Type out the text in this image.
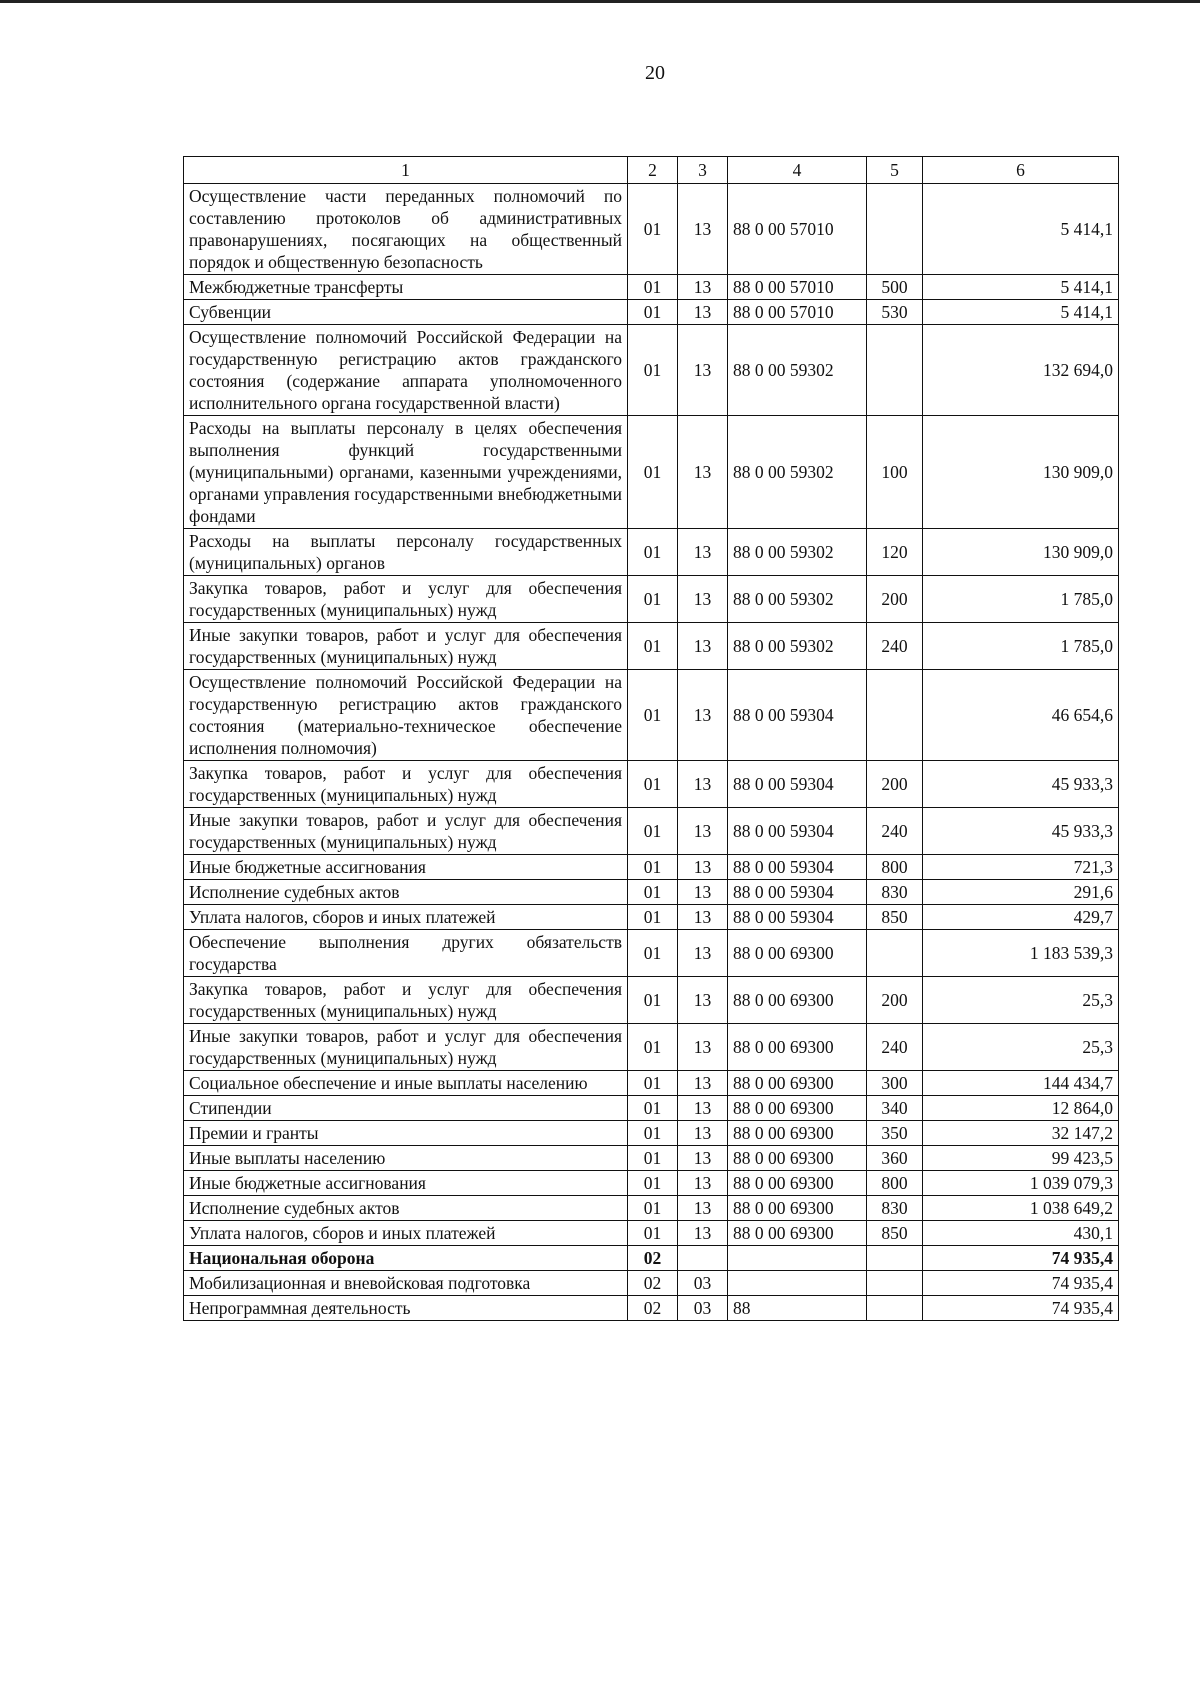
20
1	2	3	4	5	6
Осуществление части переданных полномочий по составлению протоколов об административных правонарушениях, посягающих на общественный порядок и общественную безопасность	01	13	88 0 00 57010		5 414,1
Межбюджетные трансферты	01	13	88 0 00 57010	500	5 414,1
Субвенции	01	13	88 0 00 57010	530	5 414,1
Осуществление полномочий Российской Федерации на государственную регистрацию актов гражданского состояния (содержание аппарата уполномоченного исполнительного органа государственной власти)	01	13	88 0 00 59302		132 694,0
Расходы на выплаты персоналу в целях обеспечения выполнения функций государственными (муниципальными) органами, казенными учреждениями, органами управления государственными внебюджетными фондами	01	13	88 0 00 59302	100	130 909,0
Расходы на выплаты персоналу государственных (муниципальных) органов	01	13	88 0 00 59302	120	130 909,0
Закупка товаров, работ и услуг для обеспечения государственных (муниципальных) нужд	01	13	88 0 00 59302	200	1 785,0
Иные закупки товаров, работ и услуг для обеспечения государственных (муниципальных) нужд	01	13	88 0 00 59302	240	1 785,0
Осуществление полномочий Российской Федерации на государственную регистрацию актов гражданского состояния (материально-техническое обеспечение исполнения полномочия)	01	13	88 0 00 59304		46 654,6
Закупка товаров, работ и услуг для обеспечения государственных (муниципальных) нужд	01	13	88 0 00 59304	200	45 933,3
Иные закупки товаров, работ и услуг для обеспечения государственных (муниципальных) нужд	01	13	88 0 00 59304	240	45 933,3
Иные бюджетные ассигнования	01	13	88 0 00 59304	800	721,3
Исполнение судебных актов	01	13	88 0 00 59304	830	291,6
Уплата налогов, сборов и иных платежей	01	13	88 0 00 59304	850	429,7
Обеспечение выполнения других обязательств государства	01	13	88 0 00 69300		1 183 539,3
Закупка товаров, работ и услуг для обеспечения государственных (муниципальных) нужд	01	13	88 0 00 69300	200	25,3
Иные закупки товаров, работ и услуг для обеспечения государственных (муниципальных) нужд	01	13	88 0 00 69300	240	25,3
Социальное обеспечение и иные выплаты населению	01	13	88 0 00 69300	300	144 434,7
Стипендии	01	13	88 0 00 69300	340	12 864,0
Премии и гранты	01	13	88 0 00 69300	350	32 147,2
Иные выплаты населению	01	13	88 0 00 69300	360	99 423,5
Иные бюджетные ассигнования	01	13	88 0 00 69300	800	1 039 079,3
Исполнение судебных актов	01	13	88 0 00 69300	830	1 038 649,2
Уплата налогов, сборов и иных платежей	01	13	88 0 00 69300	850	430,1
Национальная оборона	02				74 935,4
Мобилизационная и вневойсковая подготовка	02	03			74 935,4
Непрограммная деятельность	02	03	88		74 935,4
